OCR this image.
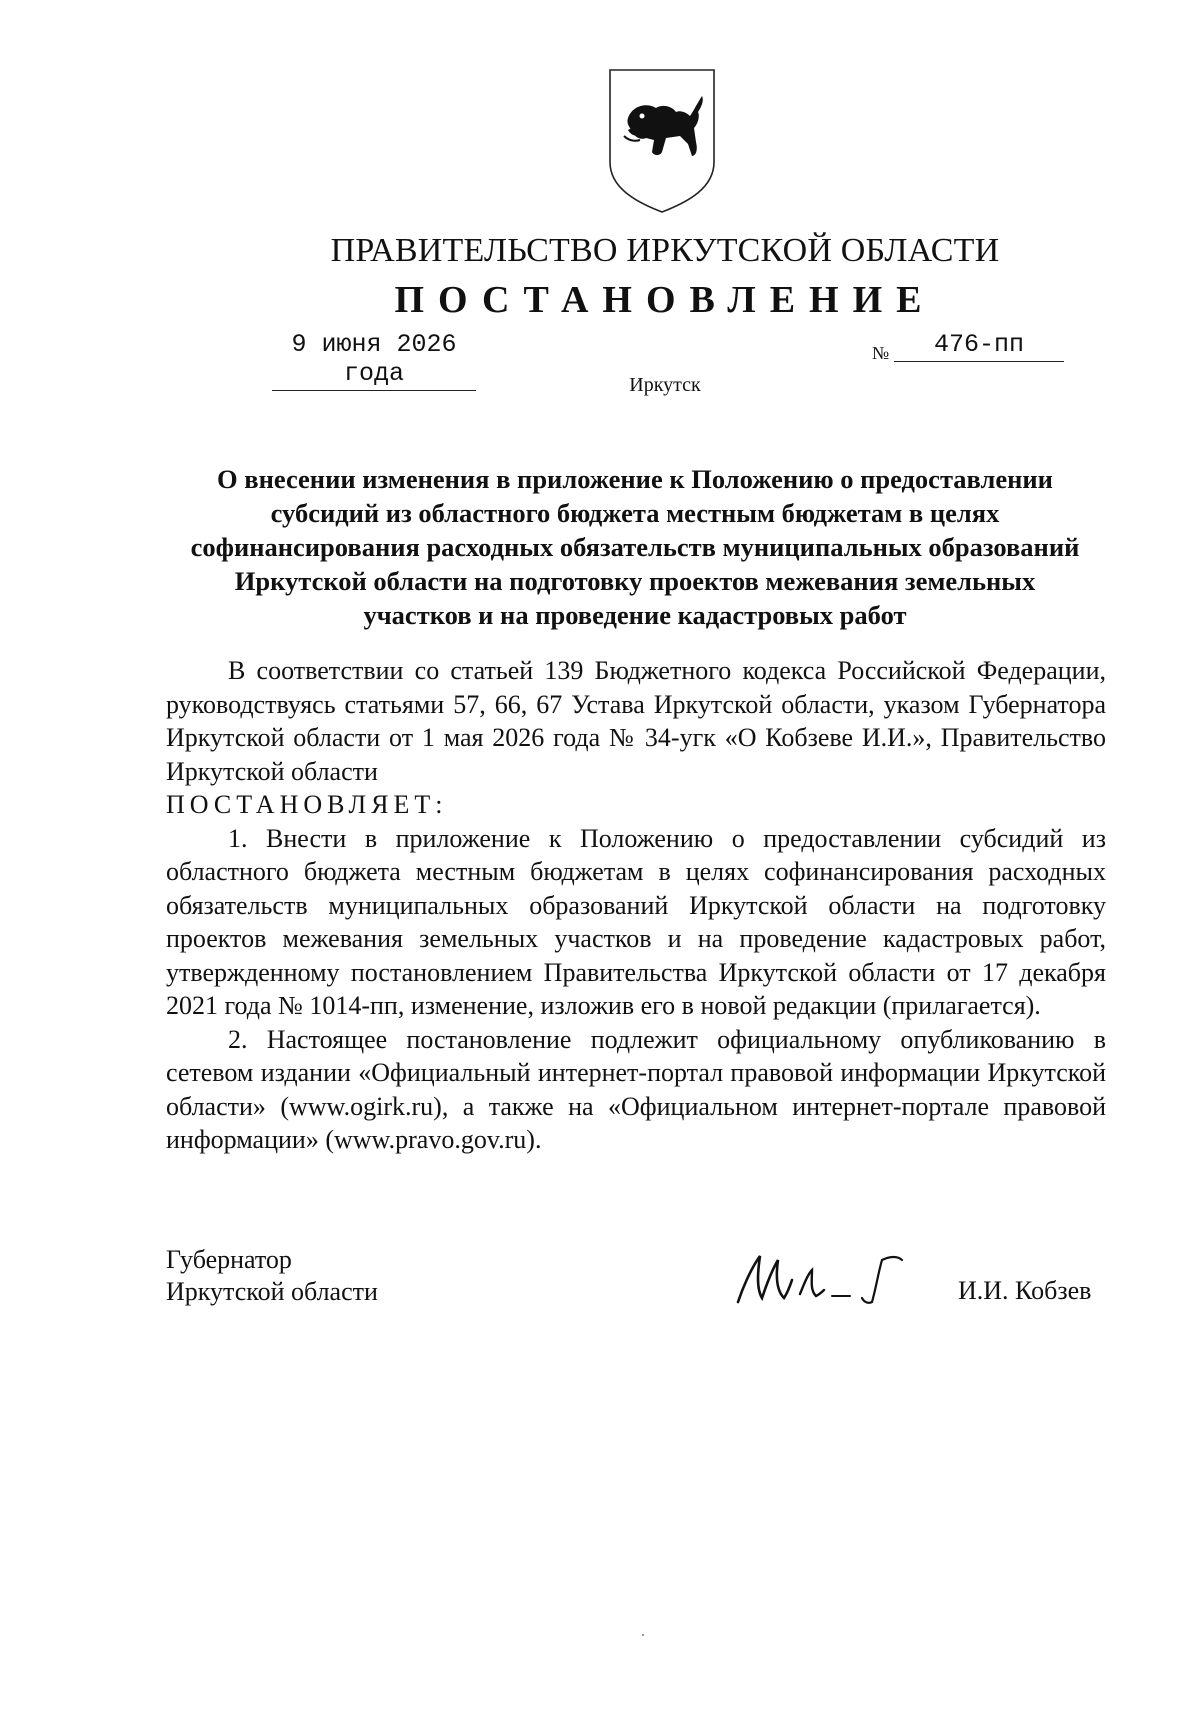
ПРАВИТЕЛЬСТВО ИРКУТСКОЙ ОБЛАСТИ
ПОСТАНОВЛЕНИЕ
9 июня 2026 года
№	476-пп
Иркутск
О внесении изменения в приложение к Положению о предоставлении субсидий из областного бюджета местным бюджетам в целях софинансирования расходных обязательств муниципальных образований Иркутской области на подготовку проектов межевания земельных участков и на проведение кадастровых работ

В соответствии со статьей 139 Бюджетного кодекса Российской Федерации, руководствуясь статьями 57, 66, 67 Устава Иркутской области, указом Губернатора Иркутской области от 1 мая 2026 года № 34-угк «О Кобзеве И.И.», Правительство Иркутской области

ПОСТАНОВЛЯЕТ:

1. Внести в приложение к Положению о предоставлении субсидий из областного бюджета местным бюджетам в целях софинансирования расходных обязательств муниципальных образований Иркутской области на подготовку проектов межевания земельных участков и на проведение кадастровых работ, утвержденному постановлением Правительства Иркутской области от 17 декабря 2021 года № 1014-пп, изменение, изложив его в новой редакции (прилагается).

2. Настоящее постановление подлежит официальному опубликованию в сетевом издании «Официальный интернет-портал правовой информации Иркутской области» (www.ogirk.ru), а также на «Официальном интернет-портале правовой информации» (www.pravo.gov.ru).

Губернатор
Иркутской области	И.И. Кобзев
